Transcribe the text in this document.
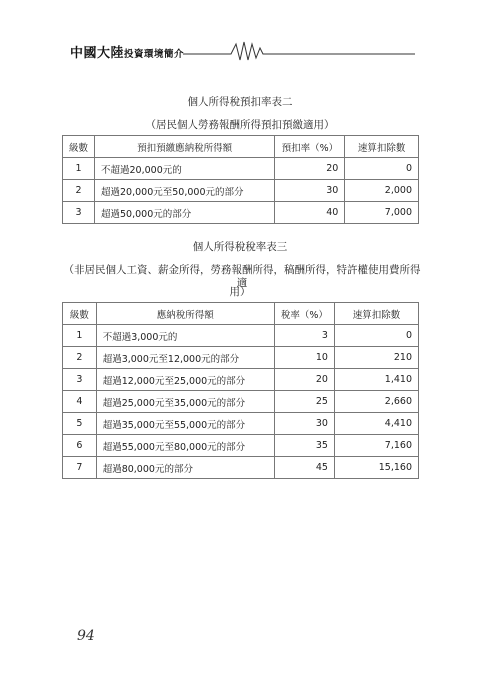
中國大陸投資環境簡介
個人所得稅預扣率表二
（居民個人勞務報酬所得預扣預繳適用）
級數	預扣預繳應納稅所得額	預扣率（%）	速算扣除數
1	不超過20,000元的	20	0
2	超過20,000元至50,000元的部分	30	2,000
3	超過50,000元的部分	40	7,000
個人所得稅稅率表三
（非居民個人工資、薪金所得，勞務報酬所得，稿酬所得，特許權使用費所得適
用）
級數	應納稅所得額	稅率（%）	速算扣除數
1	不超過3,000元的	3	0
2	超過3,000元至12,000元的部分	10	210
3	超過12,000元至25,000元的部分	20	1,410
4	超過25,000元至35,000元的部分	25	2,660
5	超過35,000元至55,000元的部分	30	4,410
6	超過55,000元至80,000元的部分	35	7,160
7	超過80,000元的部分	45	15,160
94
